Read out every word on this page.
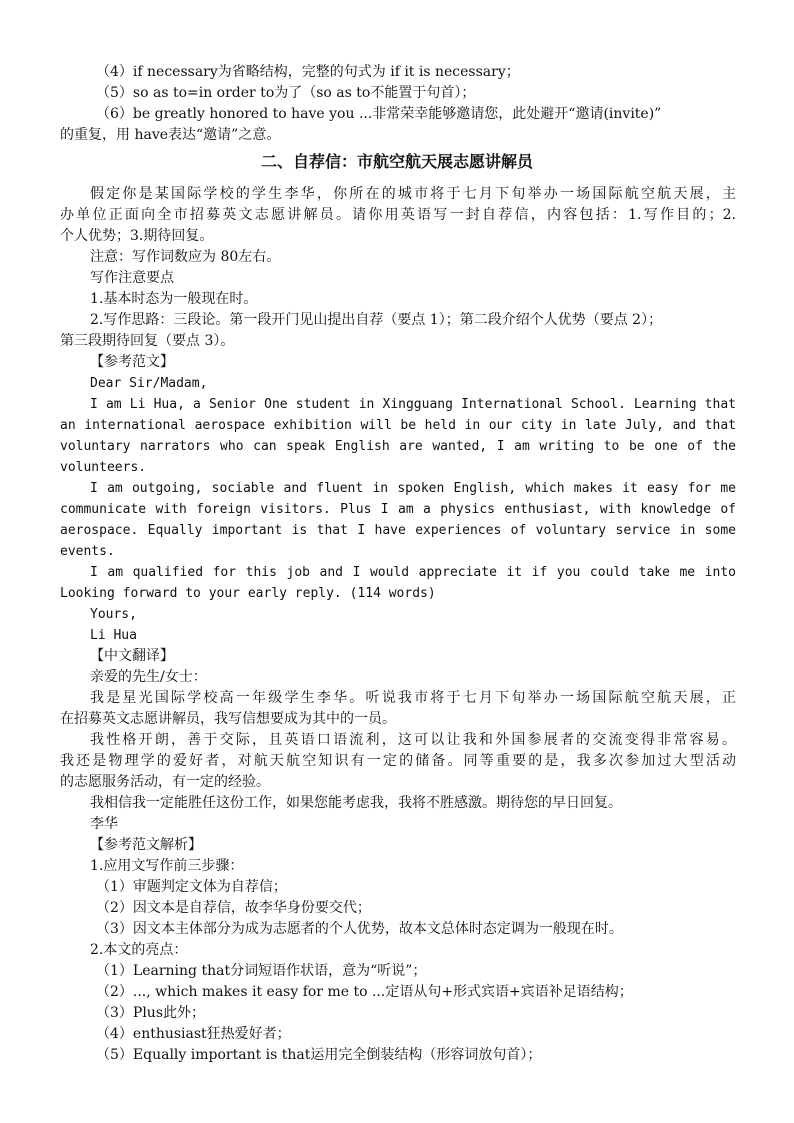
（4）if necessary为省略结构，完整的句式为 if it is necessary；
（5）so as to=in order to为了（so as to不能置于句首）；
（6）be greatly honored to have you ...非常荣幸能够邀请您，此处避开“邀请(invite)”
的重复，用 have表达“邀请”之意。
二、自荐信：市航空航天展志愿讲解员
假定你是某国际学校的学生李华，你所在的城市将于七月下旬举办一场国际航空航天展，主
办单位正面向全市招募英文志愿讲解员。请你用英语写一封自荐信，内容包括：1.写作目的；2.
个人优势；3.期待回复。
注意：写作词数应为 80左右。
写作注意要点
1.基本时态为一般现在时。
2.写作思路：三段论。第一段开门见山提出自荐（要点 1）；第二段介绍个人优势（要点 2）；
第三段期待回复（要点 3）。
【参考范文】
Dear Sir/Madam,
I am Li Hua, a Senior One student in Xingguang International School. Learning that
an international aerospace exhibition will be held in our city in late July, and that
voluntary narrators who can speak English are wanted, I am writing to be one of the
volunteers.
I am outgoing, sociable and fluent in spoken English, which makes it easy for me
communicate with foreign visitors. Plus I am a physics enthusiast, with knowledge of
aerospace. Equally important is that I have experiences of voluntary service in some
events.
I am qualified for this job and I would appreciate it if you could take me into
Looking forward to your early reply. (114 words)
Yours,
Li Hua
【中文翻译】
亲爱的先生/女士：
我是星光国际学校高一年级学生李华。听说我市将于七月下旬举办一场国际航空航天展，正
在招募英文志愿讲解员，我写信想要成为其中的一员。
我性格开朗，善于交际，且英语口语流利，这可以让我和外国参展者的交流变得非常容易。
我还是物理学的爱好者，对航天航空知识有一定的储备。同等重要的是，我多次参加过大型活动
的志愿服务活动，有一定的经验。
我相信我一定能胜任这份工作，如果您能考虑我，我将不胜感激。期待您的早日回复。
李华
【参考范文解析】
1.应用文写作前三步骤：
（1）审题判定文体为自荐信；
（2）因文本是自荐信，故李华身份要交代；
（3）因文本主体部分为成为志愿者的个人优势，故本文总体时态定调为一般现在时。
2.本文的亮点：
（1）Learning that分词短语作状语，意为“听说”；
（2）..., which makes it easy for me to ...定语从句+形式宾语+宾语补足语结构；
（3）Plus此外；
（4）enthusiast狂热爱好者；
（5）Equally important is that运用完全倒装结构（形容词放句首）；
